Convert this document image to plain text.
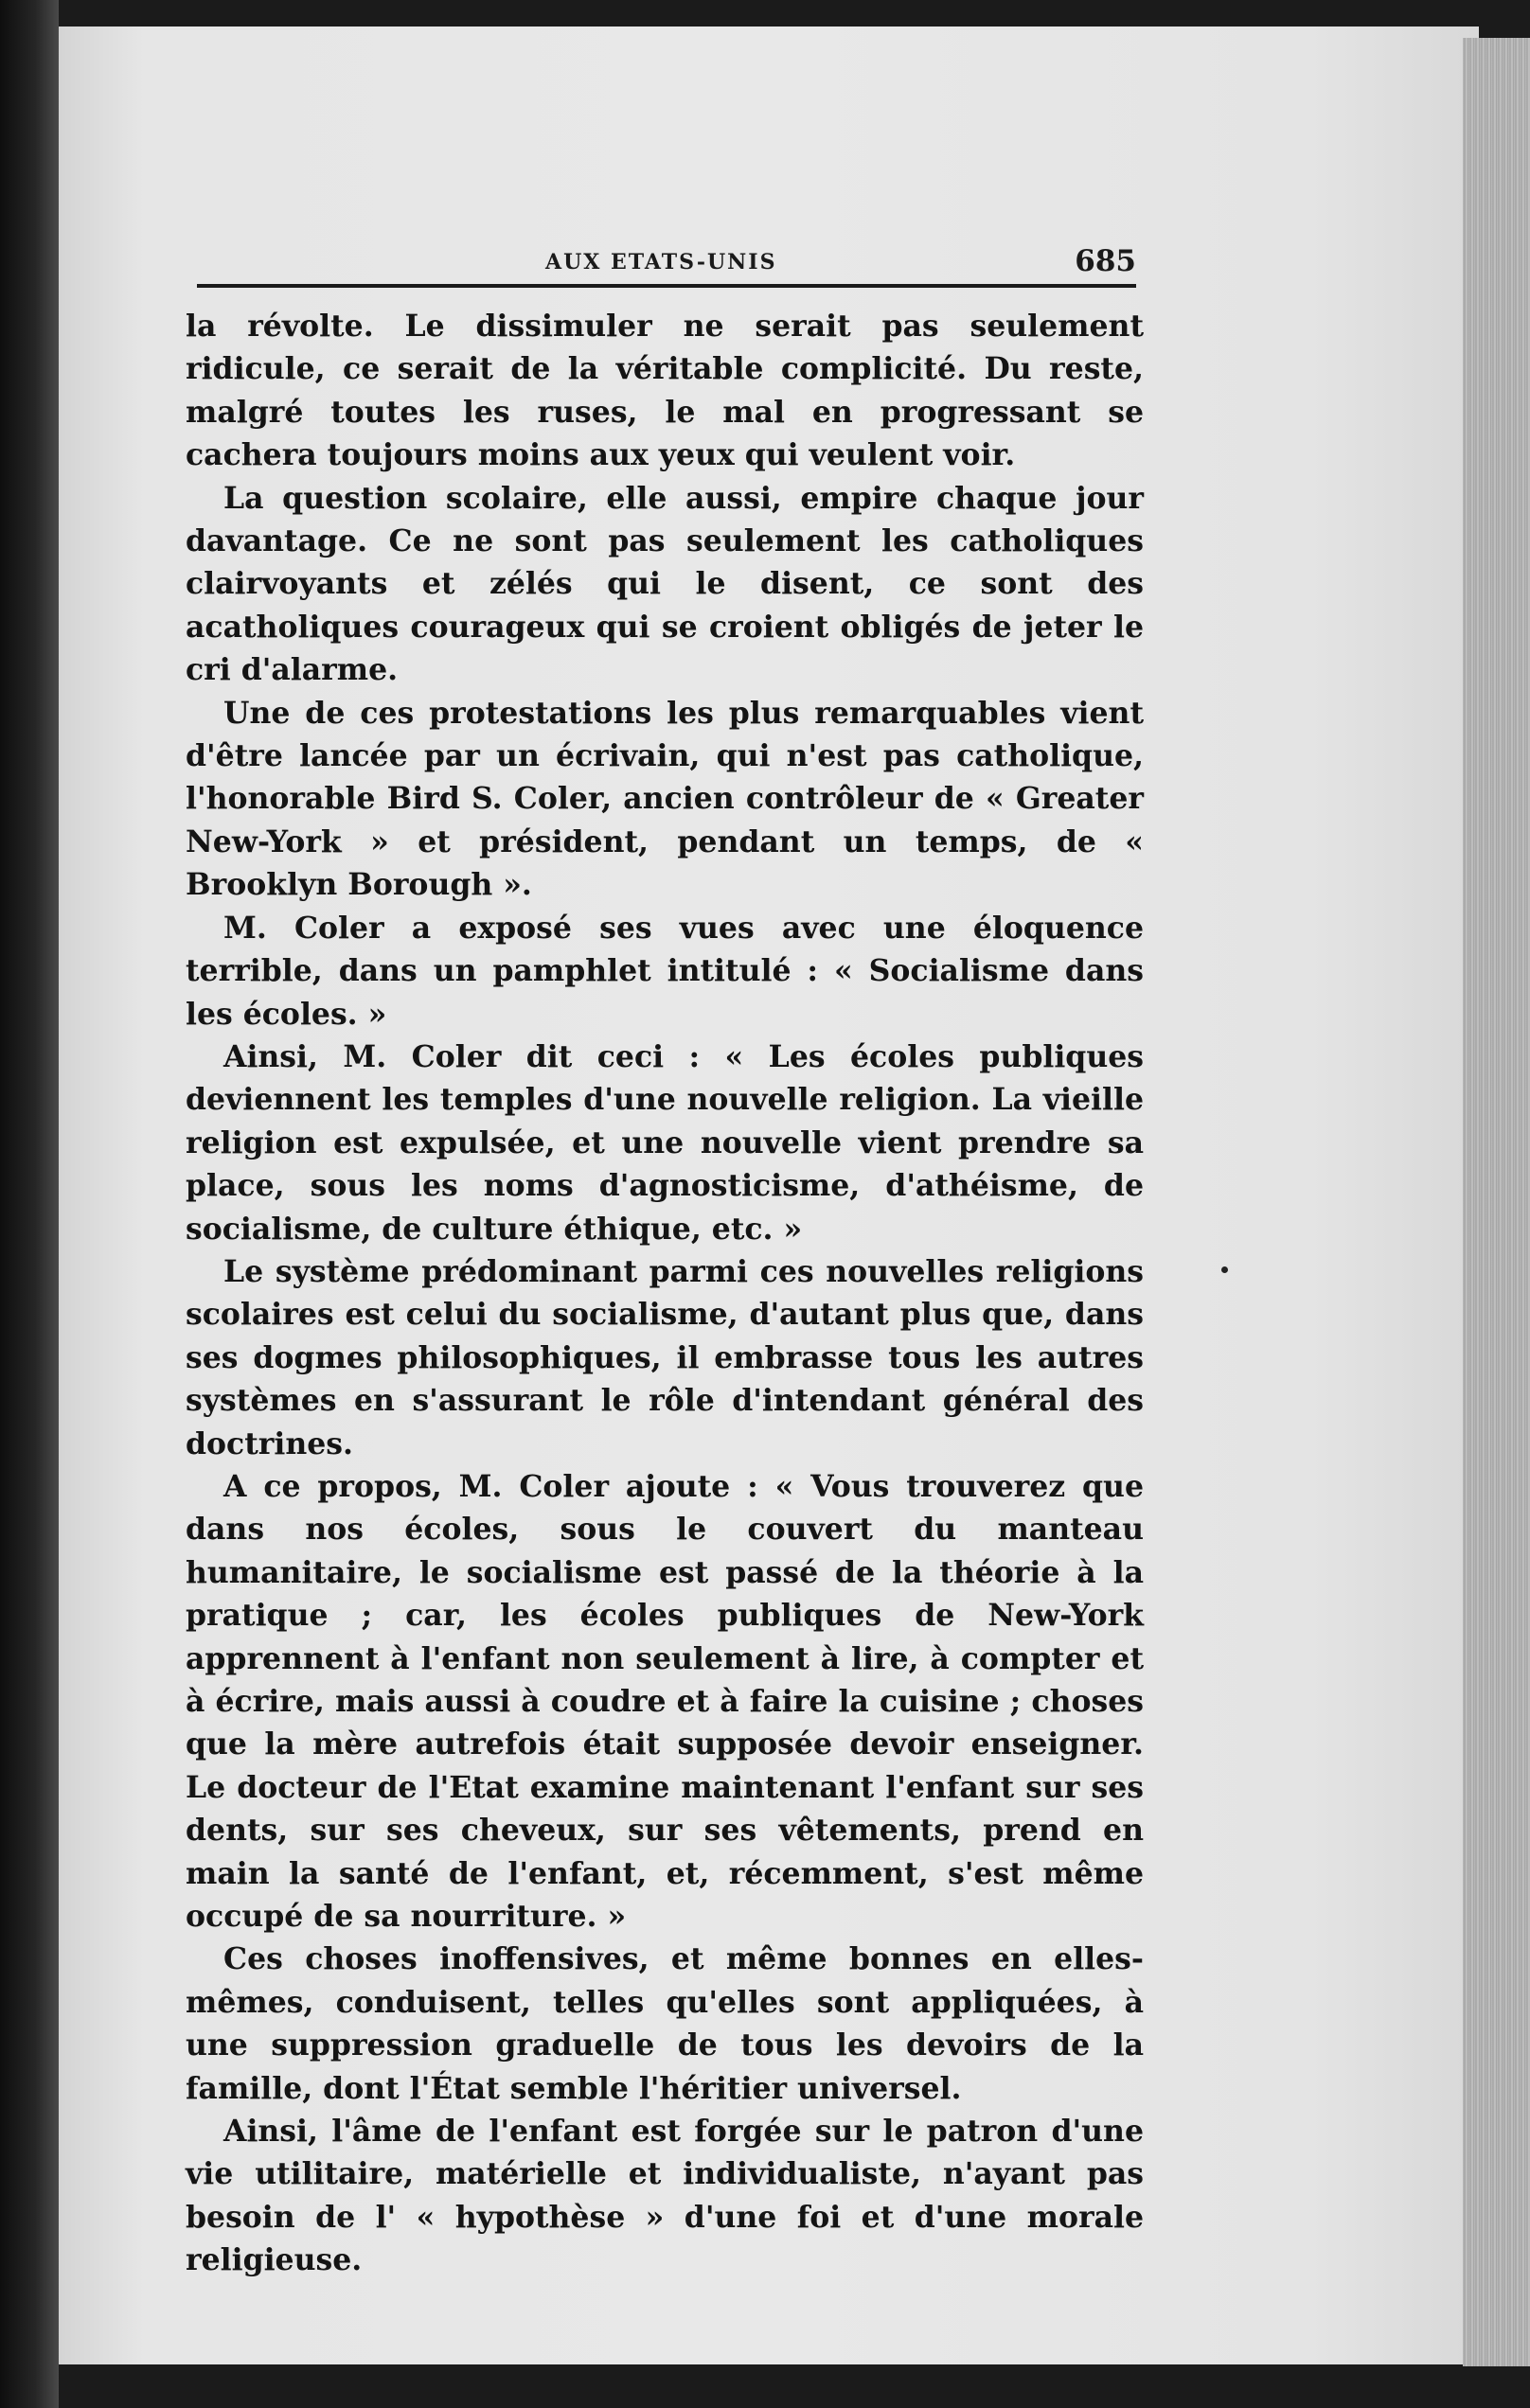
AUX ETATS-UNIS	685

la révolte. Le dissimuler ne serait pas seulement ridicule, ce serait de la véritable complicité. Du reste, malgré toutes les ruses, le mal en progressant se cachera toujours moins aux yeux qui veulent voir.

La question scolaire, elle aussi, empire chaque jour davantage. Ce ne sont pas seulement les catholiques clairvoyants et zélés qui le disent, ce sont des acatholiques courageux qui se croient obligés de jeter le cri d'alarme.

Une de ces protestations les plus remarquables vient d'être lancée par un écrivain, qui n'est pas catholique, l'honorable Bird S. Coler, ancien contrôleur de « Greater New-York » et président, pendant un temps, de « Brooklyn Borough ».

M. Coler a exposé ses vues avec une éloquence terrible, dans un pamphlet intitulé : « Socialisme dans les écoles. »

Ainsi, M. Coler dit ceci : « Les écoles publiques deviennent les temples d'une nouvelle religion. La vieille religion est expulsée, et une nouvelle vient prendre sa place, sous les noms d'agnosticisme, d'athéisme, de socialisme, de culture éthique, etc. »

Le système prédominant parmi ces nouvelles religions scolaires est celui du socialisme, d'autant plus que, dans ses dogmes philosophiques, il embrasse tous les autres systèmes en s'assurant le rôle d'intendant général des doctrines.

A ce propos, M. Coler ajoute : « Vous trouverez que dans nos écoles, sous le couvert du manteau humanitaire, le socialisme est passé de la théorie à la pratique ; car, les écoles publiques de New-York apprennent à l'enfant non seulement à lire, à compter et à écrire, mais aussi à coudre et à faire la cuisine ; choses que la mère autrefois était supposée devoir enseigner. Le docteur de l'Etat examine maintenant l'enfant sur ses dents, sur ses cheveux, sur ses vêtements, prend en main la santé de l'enfant, et, récemment, s'est même occupé de sa nourriture. »

Ces choses inoffensives, et même bonnes en elles-mêmes, conduisent, telles qu'elles sont appliquées, à une suppression graduelle de tous les devoirs de la famille, dont l'État semble l'héritier universel.

Ainsi, l'âme de l'enfant est forgée sur le patron d'une vie utilitaire, matérielle et individualiste, n'ayant pas besoin de l' « hypothèse » d'une foi et d'une morale religieuse.
